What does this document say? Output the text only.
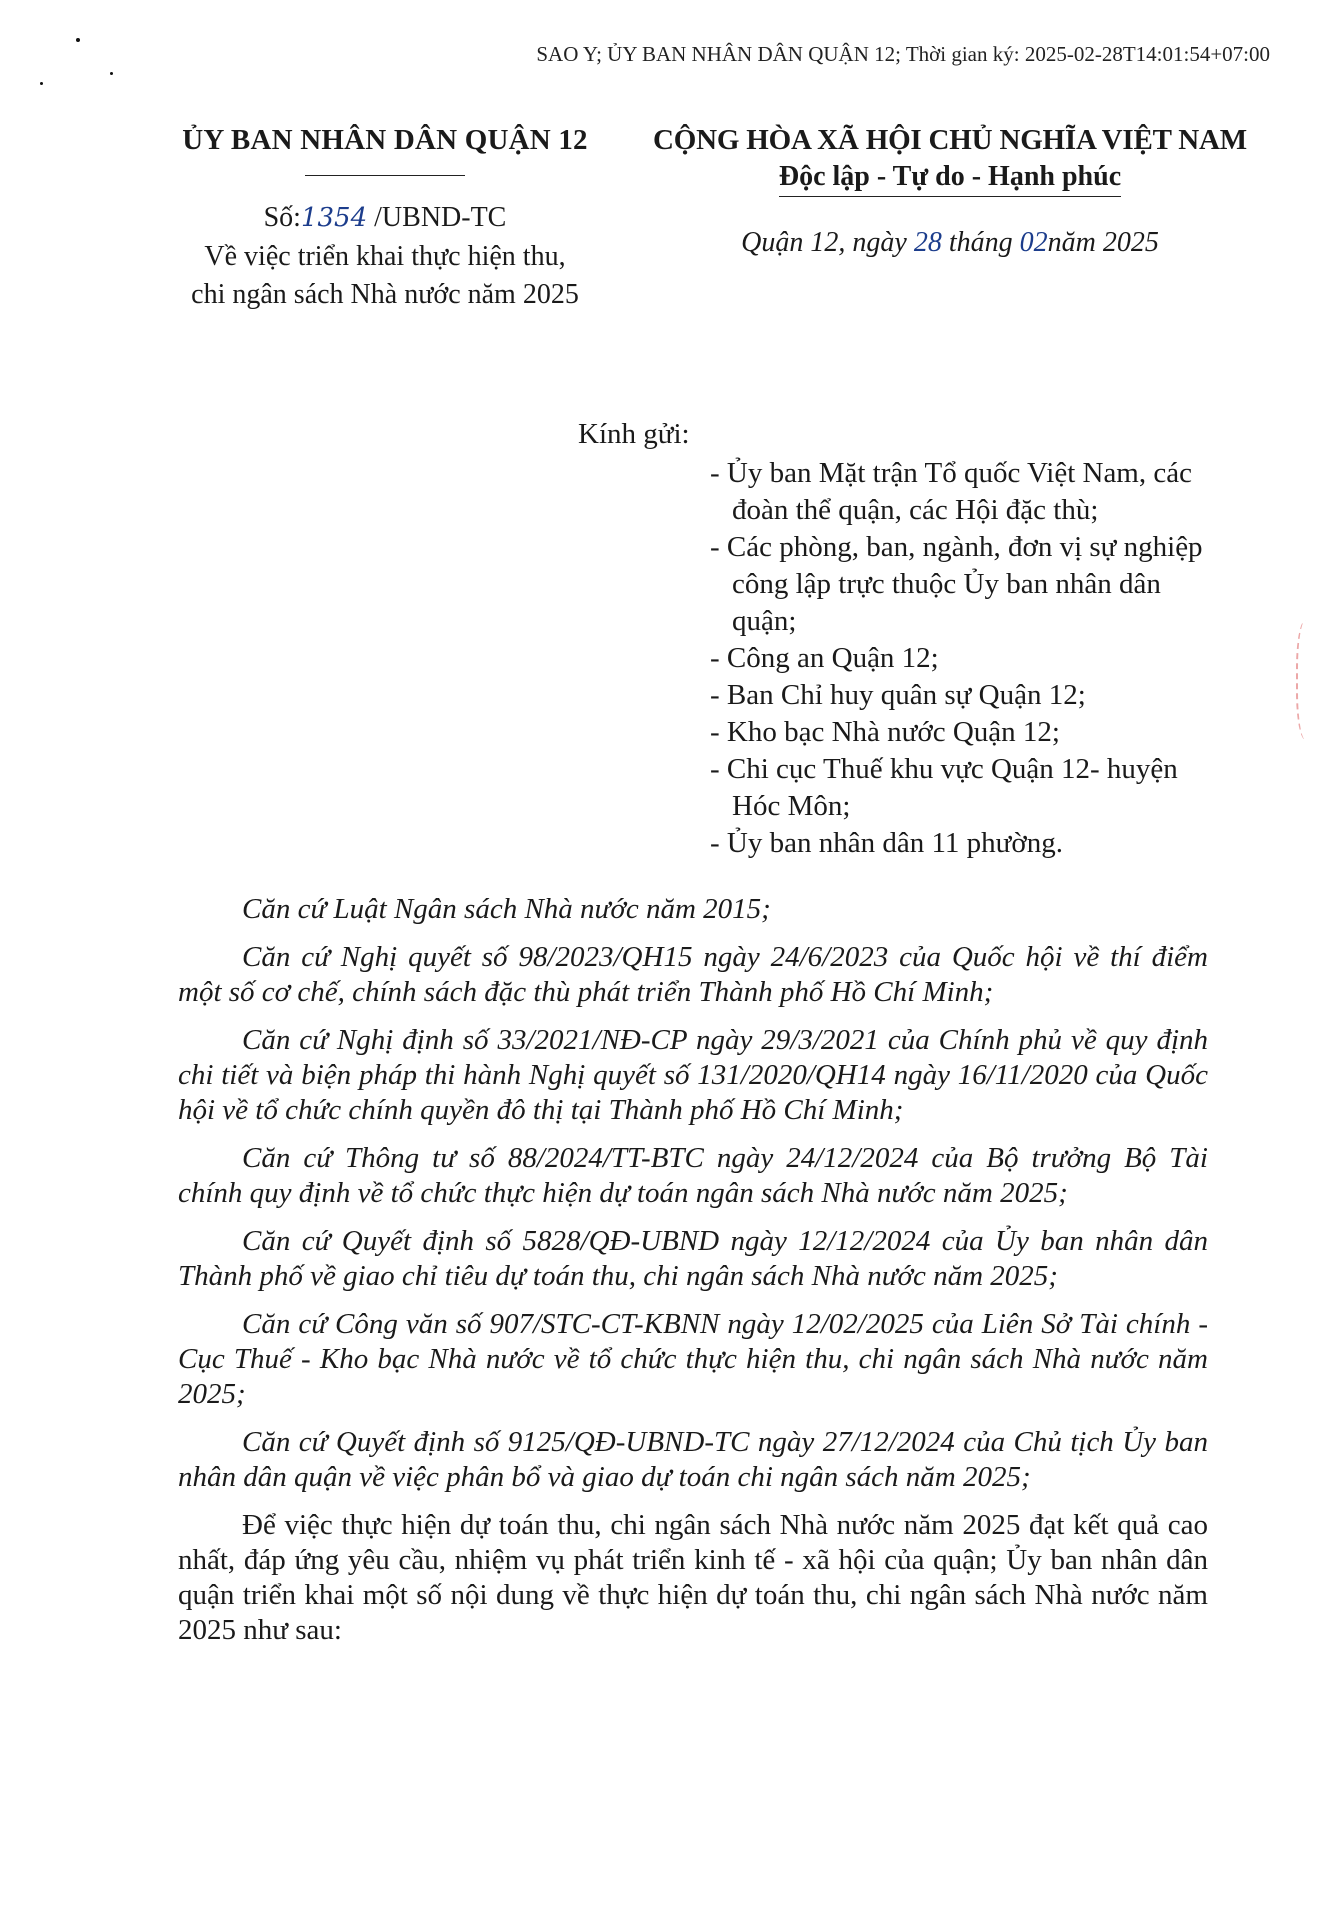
SAO Y; ỦY BAN NHÂN DÂN QUẬN 12; Thời gian ký: 2025-02-28T14:01:54+07:00
ỦY BAN NHÂN DÂN QUẬN 12
Số:1354 /UBND-TC
Về việc triển khai thực hiện thu,
chi ngân sách Nhà nước năm 2025
CỘNG HÒA XÃ HỘI CHỦ NGHĨA VIỆT NAM
Độc lập - Tự do - Hạnh phúc
Quận 12, ngày 28 tháng 02năm 2025
Kính gửi:
- Ủy ban Mặt trận Tổ quốc Việt Nam, các đoàn thể quận, các Hội đặc thù;
- Các phòng, ban, ngành, đơn vị sự nghiệp công lập trực thuộc Ủy ban nhân dân quận;
- Công an Quận 12;
- Ban Chỉ huy quân sự Quận 12;
- Kho bạc Nhà nước Quận 12;
- Chi cục Thuế khu vực Quận 12- huyện Hóc Môn;
- Ủy ban nhân dân 11 phường.

Căn cứ Luật Ngân sách Nhà nước năm 2015;

Căn cứ Nghị quyết số 98/2023/QH15 ngày 24/6/2023 của Quốc hội về thí điểm một số cơ chế, chính sách đặc thù phát triển Thành phố Hồ Chí Minh;

Căn cứ Nghị định số 33/2021/NĐ-CP ngày 29/3/2021 của Chính phủ về quy định chi tiết và biện pháp thi hành Nghị quyết số 131/2020/QH14 ngày 16/11/2020 của Quốc hội về tổ chức chính quyền đô thị tại Thành phố Hồ Chí Minh;

Căn cứ Thông tư số 88/2024/TT-BTC ngày 24/12/2024 của Bộ trưởng Bộ Tài chính quy định về tổ chức thực hiện dự toán ngân sách Nhà nước năm 2025;

Căn cứ Quyết định số 5828/QĐ-UBND ngày 12/12/2024 của Ủy ban nhân dân Thành phố về giao chỉ tiêu dự toán thu, chi ngân sách Nhà nước năm 2025;

Căn cứ Công văn số 907/STC-CT-KBNN ngày 12/02/2025 của Liên Sở Tài chính - Cục Thuế - Kho bạc Nhà nước về tổ chức thực hiện thu, chi ngân sách Nhà nước năm 2025;

Căn cứ Quyết định số 9125/QĐ-UBND-TC ngày 27/12/2024 của Chủ tịch Ủy ban nhân dân quận về việc phân bổ và giao dự toán chi ngân sách năm 2025;

Để việc thực hiện dự toán thu, chi ngân sách Nhà nước năm 2025 đạt kết quả cao nhất, đáp ứng yêu cầu, nhiệm vụ phát triển kinh tế - xã hội của quận; Ủy ban nhân dân quận triển khai một số nội dung về thực hiện dự toán thu, chi ngân sách Nhà nước năm 2025 như sau:
